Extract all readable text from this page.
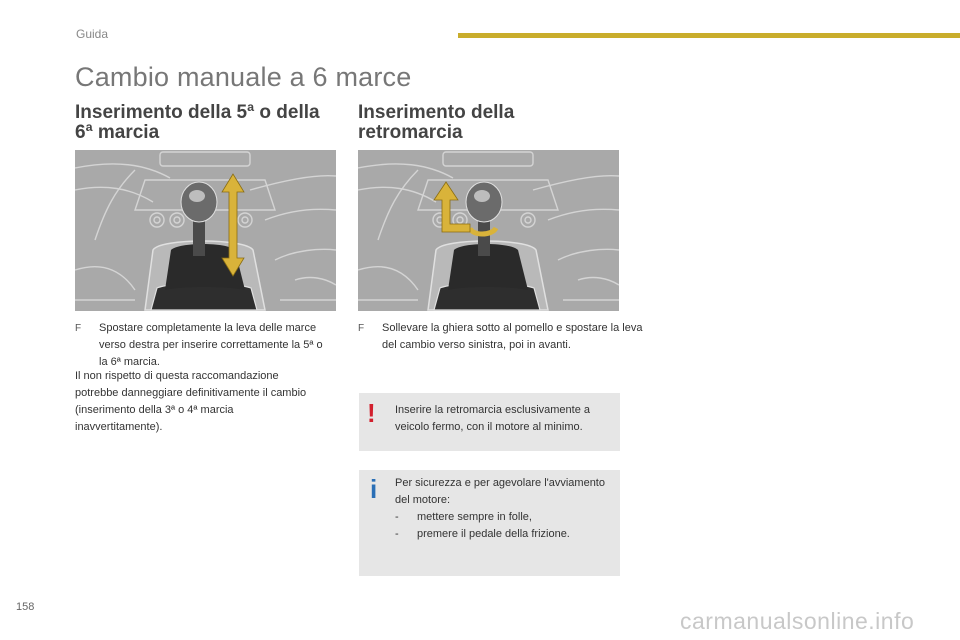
Guida
Cambio manuale a 6 marce
Inserimento della 5ª o della
6ª marcia
Inserimento della
retromarcia
F Spostare completamente la leva delle marce verso destra per inserire correttamente la 5ª o la 6ª marcia.
Il non rispetto di questa raccomandazione potrebbe danneggiare definitivamente il cambio (inserimento della 3ª o 4ª marcia inavvertitamente).
F Sollevare la ghiera sotto al pomello e spostare la leva del cambio verso sinistra, poi in avanti.
! Inserire la retromarcia esclusivamente a veicolo fermo, con il motore al minimo.
i Per sicurezza e per agevolare l'avviamento del motore:
-	mettere sempre in folle,
-	premere il pedale della frizione.
158
carmanualsonline.info
